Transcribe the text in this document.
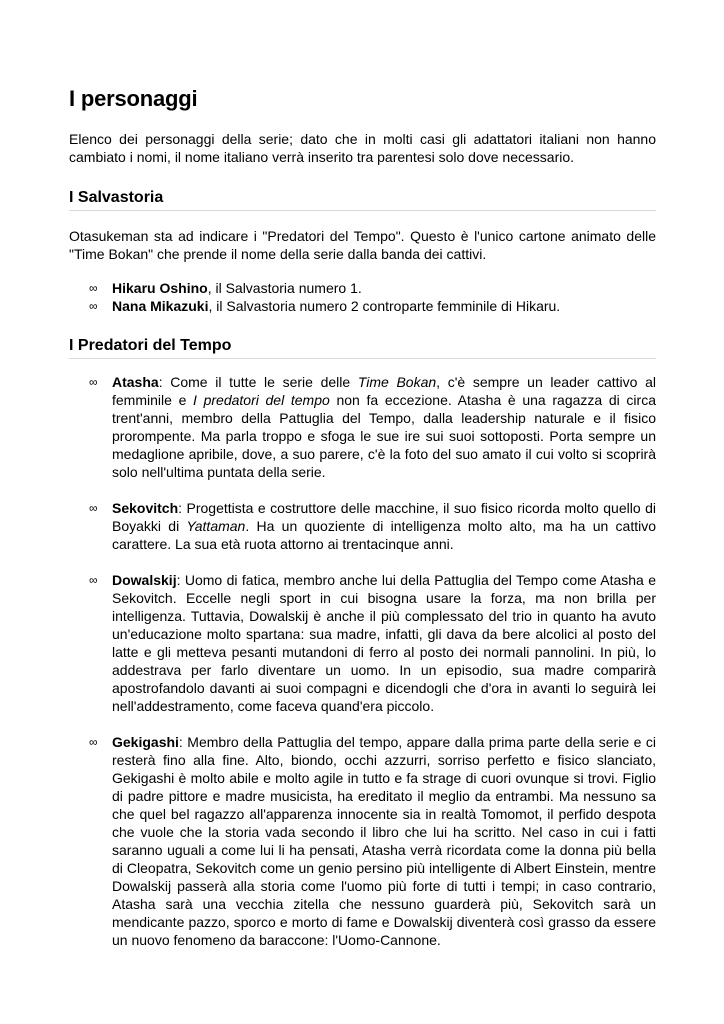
I personaggi

Elenco dei personaggi della serie; dato che in molti casi gli adattatori italiani non hanno cambiato i nomi, il nome italiano verrà inserito tra parentesi solo dove necessario.

I Salvastoria

Otasukeman sta ad indicare i "Predatori del Tempo". Questo è l'unico cartone animato delle "Time Bokan" che prende il nome della serie dalla banda dei cattivi.

∞ Hikaru Oshino, il Salvastoria numero 1.
∞ Nana Mikazuki, il Salvastoria numero 2 controparte femminile di Hikaru.
I Predatori del Tempo
∞ Atasha: Come il tutte le serie delle Time Bokan, c'è sempre un leader cattivo al femminile e I predatori del tempo non fa eccezione. Atasha è una ragazza di circa trent'anni, membro della Pattuglia del Tempo, dalla leadership naturale e il fisico prorompente. Ma parla troppo e sfoga le sue ire sui suoi sottoposti. Porta sempre un medaglione apribile, dove, a suo parere, c'è la foto del suo amato il cui volto si scoprirà solo nell'ultima puntata della serie.
∞ Sekovitch: Progettista e costruttore delle macchine, il suo fisico ricorda molto quello di Boyakki di Yattaman. Ha un quoziente di intelligenza molto alto, ma ha un cattivo carattere. La sua età ruota attorno ai trentacinque anni.
∞ Dowalskij: Uomo di fatica, membro anche lui della Pattuglia del Tempo come Atasha e Sekovitch. Eccelle negli sport in cui bisogna usare la forza, ma non brilla per intelligenza. Tuttavia, Dowalskij è anche il più complessato del trio in quanto ha avuto un'educazione molto spartana: sua madre, infatti, gli dava da bere alcolici al posto del latte e gli metteva pesanti mutandoni di ferro al posto dei normali pannolini. In più, lo addestrava per farlo diventare un uomo. In un episodio, sua madre comparirà apostrofandolo davanti ai suoi compagni e dicendogli che d'ora in avanti lo seguirà lei nell'addestramento, come faceva quand'era piccolo.
∞ Gekigashi: Membro della Pattuglia del tempo, appare dalla prima parte della serie e ci resterà fino alla fine. Alto, biondo, occhi azzurri, sorriso perfetto e fisico slanciato, Gekigashi è molto abile e molto agile in tutto e fa strage di cuori ovunque si trovi. Figlio di padre pittore e madre musicista, ha ereditato il meglio da entrambi. Ma nessuno sa che quel bel ragazzo all'apparenza innocente sia in realtà Tomomot, il perfido despota che vuole che la storia vada secondo il libro che lui ha scritto. Nel caso in cui i fatti saranno uguali a come lui li ha pensati, Atasha verrà ricordata come la donna più bella di Cleopatra, Sekovitch come un genio persino più intelligente di Albert Einstein, mentre Dowalskij passerà alla storia come l'uomo più forte di tutti i tempi; in caso contrario, Atasha sarà una vecchia zitella che nessuno guarderà più, Sekovitch sarà un mendicante pazzo, sporco e morto di fame e Dowalskij diventerà così grasso da essere un nuovo fenomeno da baraccone: l'Uomo-Cannone.
